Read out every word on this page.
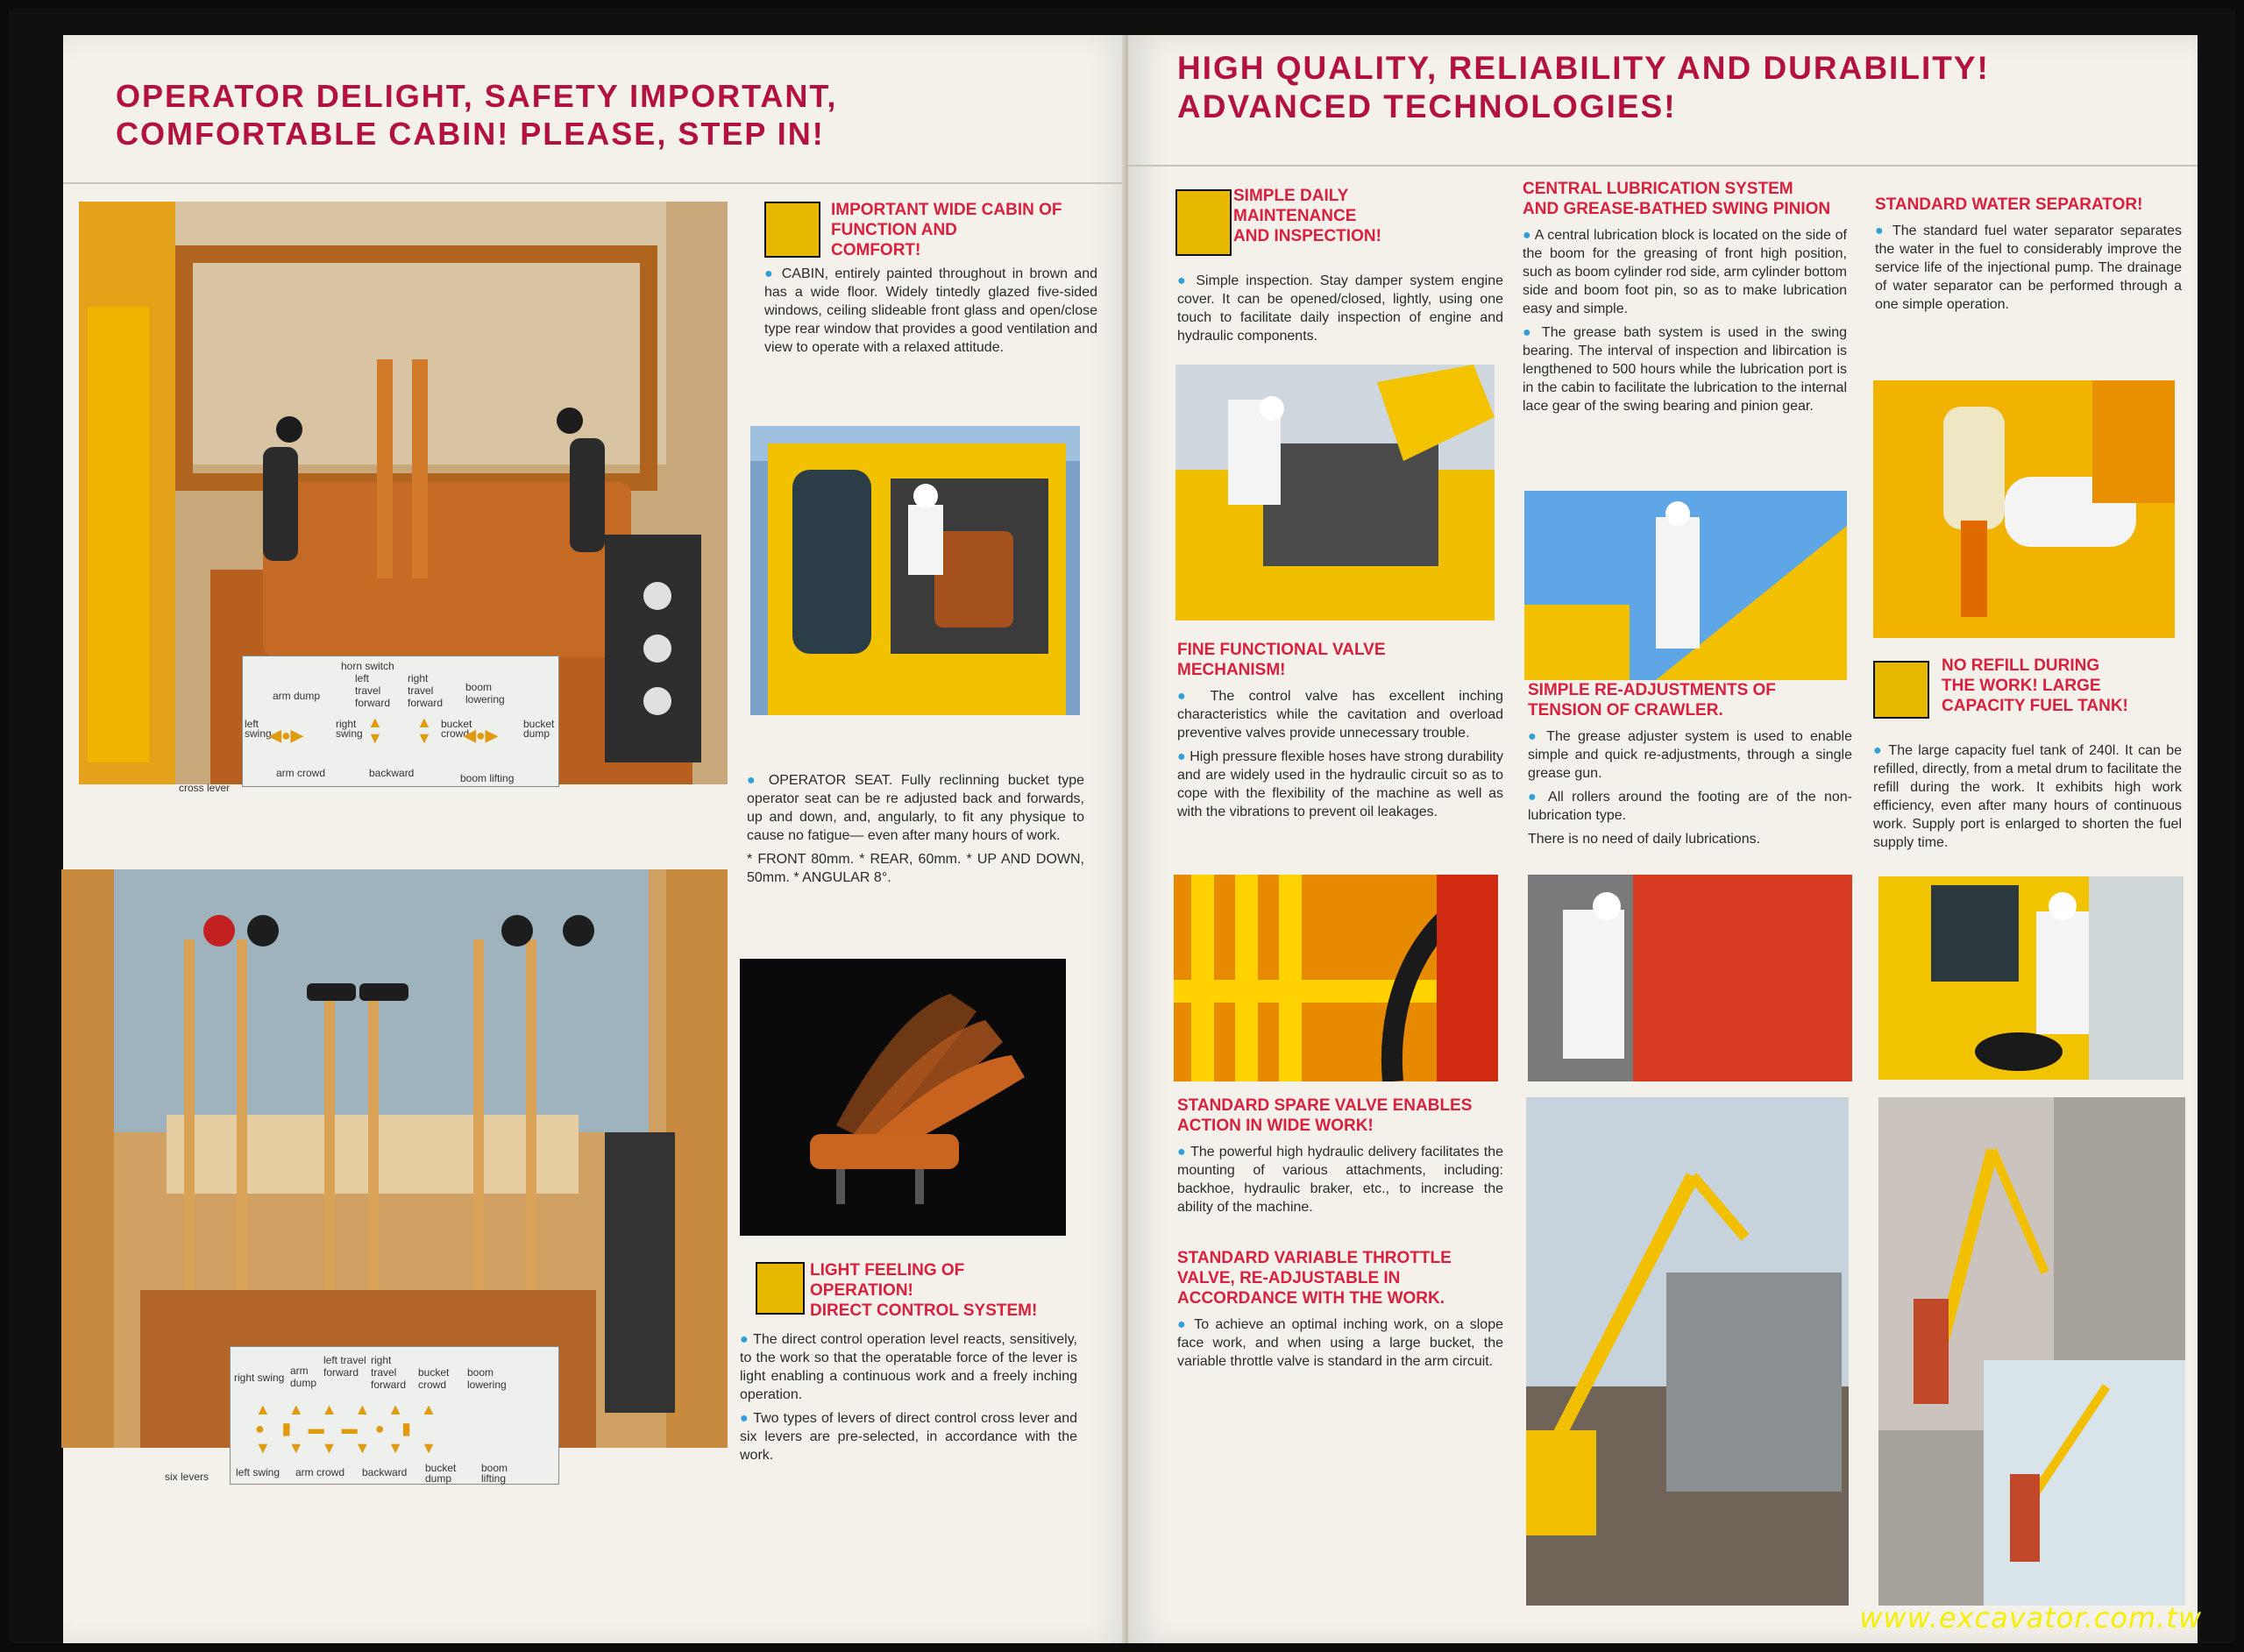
OPERATOR DELIGHT, SAFETY IMPORTANT,
COMFORTABLE CABIN! PLEASE, STEP IN!
horn switch
arm dump
left travel forward
right travel forward
boom lowering
left swing
◀●▶
right swing
▲
▼
▲
▼
bucket crowd
◀●▶
bucket dump
arm crowd	backward	boom lifting
cross lever
IMPORTANT WIDE CABIN OF
FUNCTION AND
COMFORT!
● CABIN, entirely painted throughout in brown and has a wide floor. Widely tintedly glazed five-sided windows, ceiling slideable front glass and open/close type rear window that provides a good ventilation and view to operate with a relaxed attitude.
● OPERATOR SEAT. Fully reclinning bucket type operator seat can be re adjusted back and forwards, up and down, and, angularly, to fit any physique to cause no fatigue— even after many hours of work.
* FRONT 80mm. * REAR, 60mm. * UP AND DOWN, 50mm. * ANGULAR 8°.
right swing
arm dump
left travel forward
right travel forward
bucket crowd
boom lowering
▲▲▲▲▲▲
●▮▬▬●▮
▼▼▼▼▼▼
left swing arm crowd backward bucket dump
boom lifting
six levers
LIGHT FEELING OF
OPERATION!
DIRECT CONTROL SYSTEM!
● The direct control operation level reacts, sensitively, to the work so that the operatable force of the lever is light enabling a continuous work and a freely inching operation.
● Two types of levers of direct control cross lever and six levers are pre-selected, in accordance with the work.
HIGH QUALITY, RELIABILITY AND DURABILITY!
ADVANCED TECHNOLOGIES!
SIMPLE DAILY MAINTENANCE
AND INSPECTION!
● Simple inspection. Stay damper system engine cover. It can be opened/closed, lightly, using one touch to facilitate daily inspection of engine and hydraulic components.
FINE FUNCTIONAL VALVE
MECHANISM!
● The control valve has excellent inching characteristics while the cavitation and overload preventive valves provide unnecessary trouble.
● High pressure flexible hoses have strong durability and are widely used in the hydraulic circuit so as to cope with the flexibility of the machine as well as with the vibrations to prevent oil leakages.
STANDARD SPARE VALVE ENABLES
ACTION IN WIDE WORK!
● The powerful high hydraulic delivery facilitates the mounting of various attachments, including: backhoe, hydraulic braker, etc., to increase the ability of the machine.
STANDARD VARIABLE THROTTLE
VALVE, RE-ADJUSTABLE IN
ACCORDANCE WITH THE WORK.
● To achieve an optimal inching work, on a slope face work, and when using a large bucket, the variable throttle valve is standard in the arm circuit.
CENTRAL LUBRICATION SYSTEM
AND GREASE-BATHED SWING PINION
● A central lubrication block is located on the side of the boom for the greasing of front high position, such as boom cylinder rod side, arm cylinder bottom side and boom foot pin, so as to make lubrication easy and simple.
● The grease bath system is used in the swing bearing. The interval of inspection and libircation is lengthened to 500 hours while the lubrication port is in the cabin to facilitate the lubrication to the internal lace gear of the swing bearing and pinion gear.
SIMPLE RE-ADJUSTMENTS OF
TENSION OF CRAWLER.
● The grease adjuster system is used to enable simple and quick re-adjustments, through a single grease gun.
● All rollers around the footing are of the non-lubrication type.
There is no need of daily lubrications.
STANDARD WATER SEPARATOR!
● The standard fuel water separator separates the water in the fuel to considerably improve the service life of the injectional pump. The drainage of water separator can be performed through a one simple operation.
NO REFILL DURING
THE WORK! LARGE
CAPACITY FUEL TANK!
● The large capacity fuel tank of 240l. It can be refilled, directly, from a metal drum to facilitate the refill during the work. It exhibits high work efficiency, even after many hours of continuous work. Supply port is enlarged to shorten the fuel supply time.
www.excavator.com.tw
